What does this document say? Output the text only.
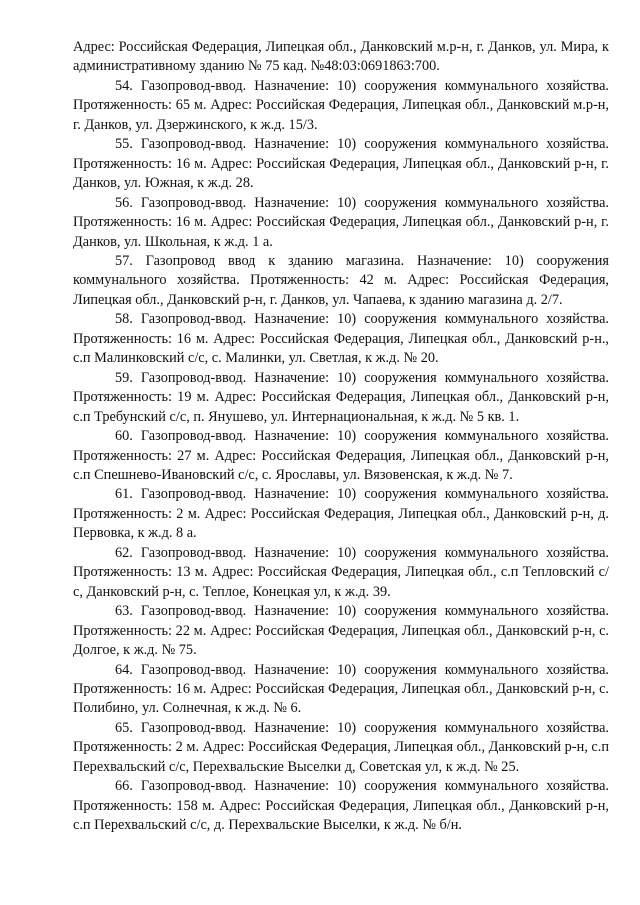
Адрес: Российская Федерация, Липецкая обл., Данковский м.р-н, г. Данков, ул. Мира, к административному зданию № 75 кад. №48:03:0691863:700.

54. Газопровод-ввод. Назначение: 10) сооружения коммунального хозяйства. Протяженность: 65 м. Адрес: Российская Федерация, Липецкая обл., Данковский м.р-н, г. Данков, ул. Дзержинского, к ж.д. 15/3.

55. Газопровод-ввод. Назначение: 10) сооружения коммунального хозяйства. Протяженность: 16 м. Адрес: Российская Федерация, Липецкая обл., Данковский р-н, г. Данков, ул. Южная, к ж.д. 28.

56. Газопровод-ввод. Назначение: 10) сооружения коммунального хозяйства. Протяженность: 16 м. Адрес: Российская Федерация, Липецкая обл., Данковский р-н, г. Данков, ул. Школьная, к ж.д. 1 а.

57. Газопровод ввод к зданию магазина. Назначение: 10) сооружения коммунального хозяйства. Протяженность: 42 м. Адрес: Российская Федерация, Липецкая обл., Данковский р-н, г. Данков, ул. Чапаева, к зданию магазина д. 2/7.

58. Газопровод-ввод. Назначение: 10) сооружения коммунального хозяйства. Протяженность: 16 м. Адрес: Российская Федерация, Липецкая обл., Данковский р-н., с.п Малинковский с/с, с. Малинки, ул. Светлая, к ж.д. № 20.

59. Газопровод-ввод. Назначение: 10) сооружения коммунального хозяйства. Протяженность: 19 м. Адрес: Российская Федерация, Липецкая обл., Данковский р-н, с.п Требунский с/с, п. Янушево, ул. Интернациональная, к ж.д. № 5 кв. 1.

60. Газопровод-ввод. Назначение: 10) сооружения коммунального хозяйства. Протяженность: 27 м. Адрес: Российская Федерация, Липецкая обл., Данковский р-н, с.п Спешнево-Ивановский с/с, с. Ярославы, ул. Вязовенская, к ж.д. № 7.

61. Газопровод-ввод. Назначение: 10) сооружения коммунального хозяйства. Протяженность: 2 м. Адрес: Российская Федерация, Липецкая обл., Данковский р-н, д. Первовка, к ж.д. 8 а.

62. Газопровод-ввод. Назначение: 10) сооружения коммунального хозяйства. Протяженность: 13 м. Адрес: Российская Федерация, Липецкая обл., с.п Тепловский с/с, Данковский р-н, с. Теплое, Конецкая ул, к ж.д. 39.

63. Газопровод-ввод. Назначение: 10) сооружения коммунального хозяйства. Протяженность: 22 м. Адрес: Российская Федерация, Липецкая обл., Данковский р-н, с. Долгое, к ж.д. № 75.

64. Газопровод-ввод. Назначение: 10) сооружения коммунального хозяйства. Протяженность: 16 м. Адрес: Российская Федерация, Липецкая обл., Данковский р-н, с. Полибино, ул. Солнечная, к ж.д. № 6.

65. Газопровод-ввод. Назначение: 10) сооружения коммунального хозяйства. Протяженность: 2 м. Адрес: Российская Федерация, Липецкая обл., Данковский р-н, с.п Перехвальский с/с, Перехвальские Выселки д, Советская ул, к ж.д. № 25.

66. Газопровод-ввод. Назначение: 10) сооружения коммунального хозяйства. Протяженность: 158 м. Адрес: Российская Федерация, Липецкая обл., Данковский р-н, с.п Перехвальский с/с, д. Перехвальские Выселки, к ж.д. № б/н.
